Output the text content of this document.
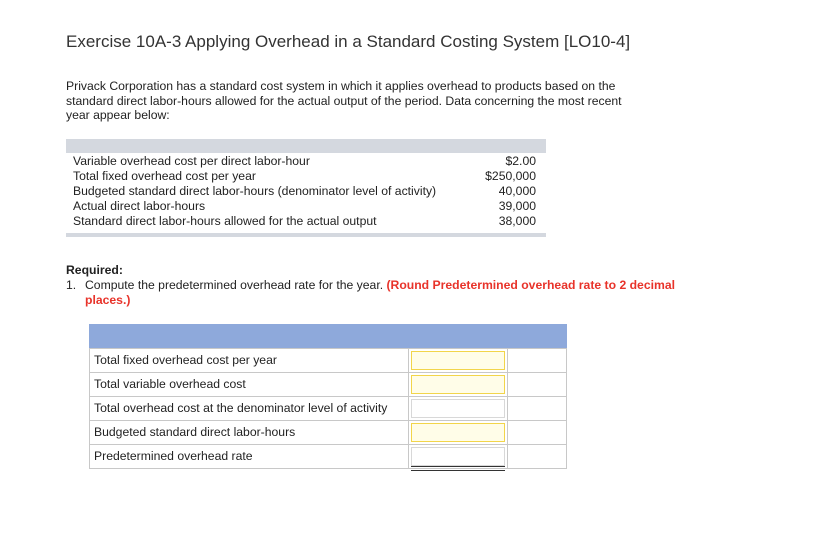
Exercise 10A-3 Applying Overhead in a Standard Costing System [LO10-4]
Privack Corporation has a standard cost system in which it applies overhead to products based on the standard direct labor-hours allowed for the actual output of the period. Data concerning the most recent year appear below:
Variable overhead cost per direct labor-hour	$2.00
Total fixed overhead cost per year	$250,000
Budgeted standard direct labor-hours (denominator level of activity)	40,000
Actual direct labor-hours	39,000
Standard direct labor-hours allowed for the actual output	38,000
Required:
1. Compute the predetermined overhead rate for the year. (Round Predetermined overhead rate to 2 decimal places.)
Total fixed overhead cost per year
Total variable overhead cost
Total overhead cost at the denominator level of activity
Budgeted standard direct labor-hours
Predetermined overhead rate
